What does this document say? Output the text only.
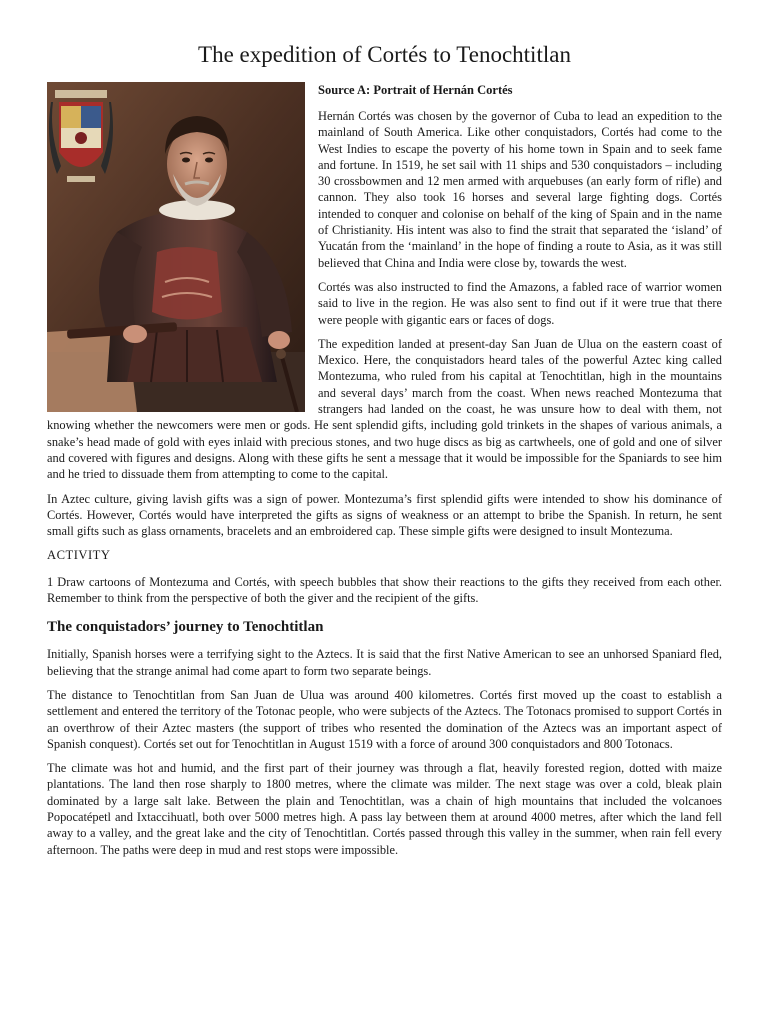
The expedition of Cortés to Tenochtitlan

Source A: Portrait of Hernán Cortés

Hernán Cortés was chosen by the governor of Cuba to lead an expedition to the mainland of South America. Like other conquistadors, Cortés had come to the West Indies to escape the poverty of his home town in Spain and to seek fame and fortune. In 1519, he set sail with 11 ships and 530 conquistadors – including 30 crossbowmen and 12 men armed with arquebuses (an early form of rifle) and cannon. They also took 16 horses and several large fighting dogs. Cortés intended to conquer and colonise on behalf of the king of Spain and in the name of Christianity. His intent was also to find the strait that separated the ‘island’ of Yucatán from the ‘mainland’ in the hope of finding a route to Asia, as it was still believed that China and India were close by, towards the west.

Cortés was also instructed to find the Amazons, a fabled race of warrior women said to live in the region. He was also sent to find out if it were true that there were people with gigantic ears or faces of dogs.

The expedition landed at present-day San Juan de Ulua on the eastern coast of Mexico. Here, the conquistadors heard tales of the powerful Aztec king called Montezuma, who ruled from his capital at Tenochtitlan, high in the mountains and several days’ march from the coast. When news reached Montezuma that strangers had landed on the coast, he was unsure how to deal with them, not knowing whether the newcomers were men or gods. He sent splendid gifts, including gold trinkets in the shapes of various animals, a snake’s head made of gold with eyes inlaid with precious stones, and two huge discs as big as cartwheels, one of gold and one of silver and covered with figures and designs. Along with these gifts he sent a message that it would be impossible for the Spaniards to see him and he tried to dissuade them from attempting to come to the capital.

In Aztec culture, giving lavish gifts was a sign of power. Montezuma’s first splendid gifts were intended to show his dominance of Cortés. However, Cortés would have interpreted the gifts as signs of weakness or an attempt to bribe the Spanish. In return, he sent small gifts such as glass ornaments, bracelets and an embroidered cap. These simple gifts were designed to insult Montezuma.

ACTIVITY

1 Draw cartoons of Montezuma and Cortés, with speech bubbles that show their reactions to the gifts they received from each other. Remember to think from the perspective of both the giver and the recipient of the gifts.

The conquistadors’ journey to Tenochtitlan

Initially, Spanish horses were a terrifying sight to the Aztecs. It is said that the first Native American to see an unhorsed Spaniard fled, believing that the strange animal had come apart to form two separate beings.

The distance to Tenochtitlan from San Juan de Ulua was around 400 kilometres. Cortés first moved up the coast to establish a settlement and entered the territory of the Totonac people, who were subjects of the Aztecs. The Totonacs promised to support Cortés in an overthrow of their Aztec masters (the support of tribes who resented the domination of the Aztecs was an important aspect of Spanish conquest). Cortés set out for Tenochtitlan in August 1519 with a force of around 300 conquistadors and 800 Totonacs.

The climate was hot and humid, and the first part of their journey was through a flat, heavily forested region, dotted with maize plantations. The land then rose sharply to 1800 metres, where the climate was milder. The next stage was over a cold, bleak plain dominated by a large salt lake. Between the plain and Tenochtitlan, was a chain of high mountains that included the volcanoes Popocatépetl and Ixtaccihuatl, both over 5000 metres high. A pass lay between them at around 4000 metres, after which the land fell away to a valley, and the great lake and the city of Tenochtitlan. Cortés passed through this valley in the summer, when rain fell every afternoon. The paths were deep in mud and rest stops were impossible.
